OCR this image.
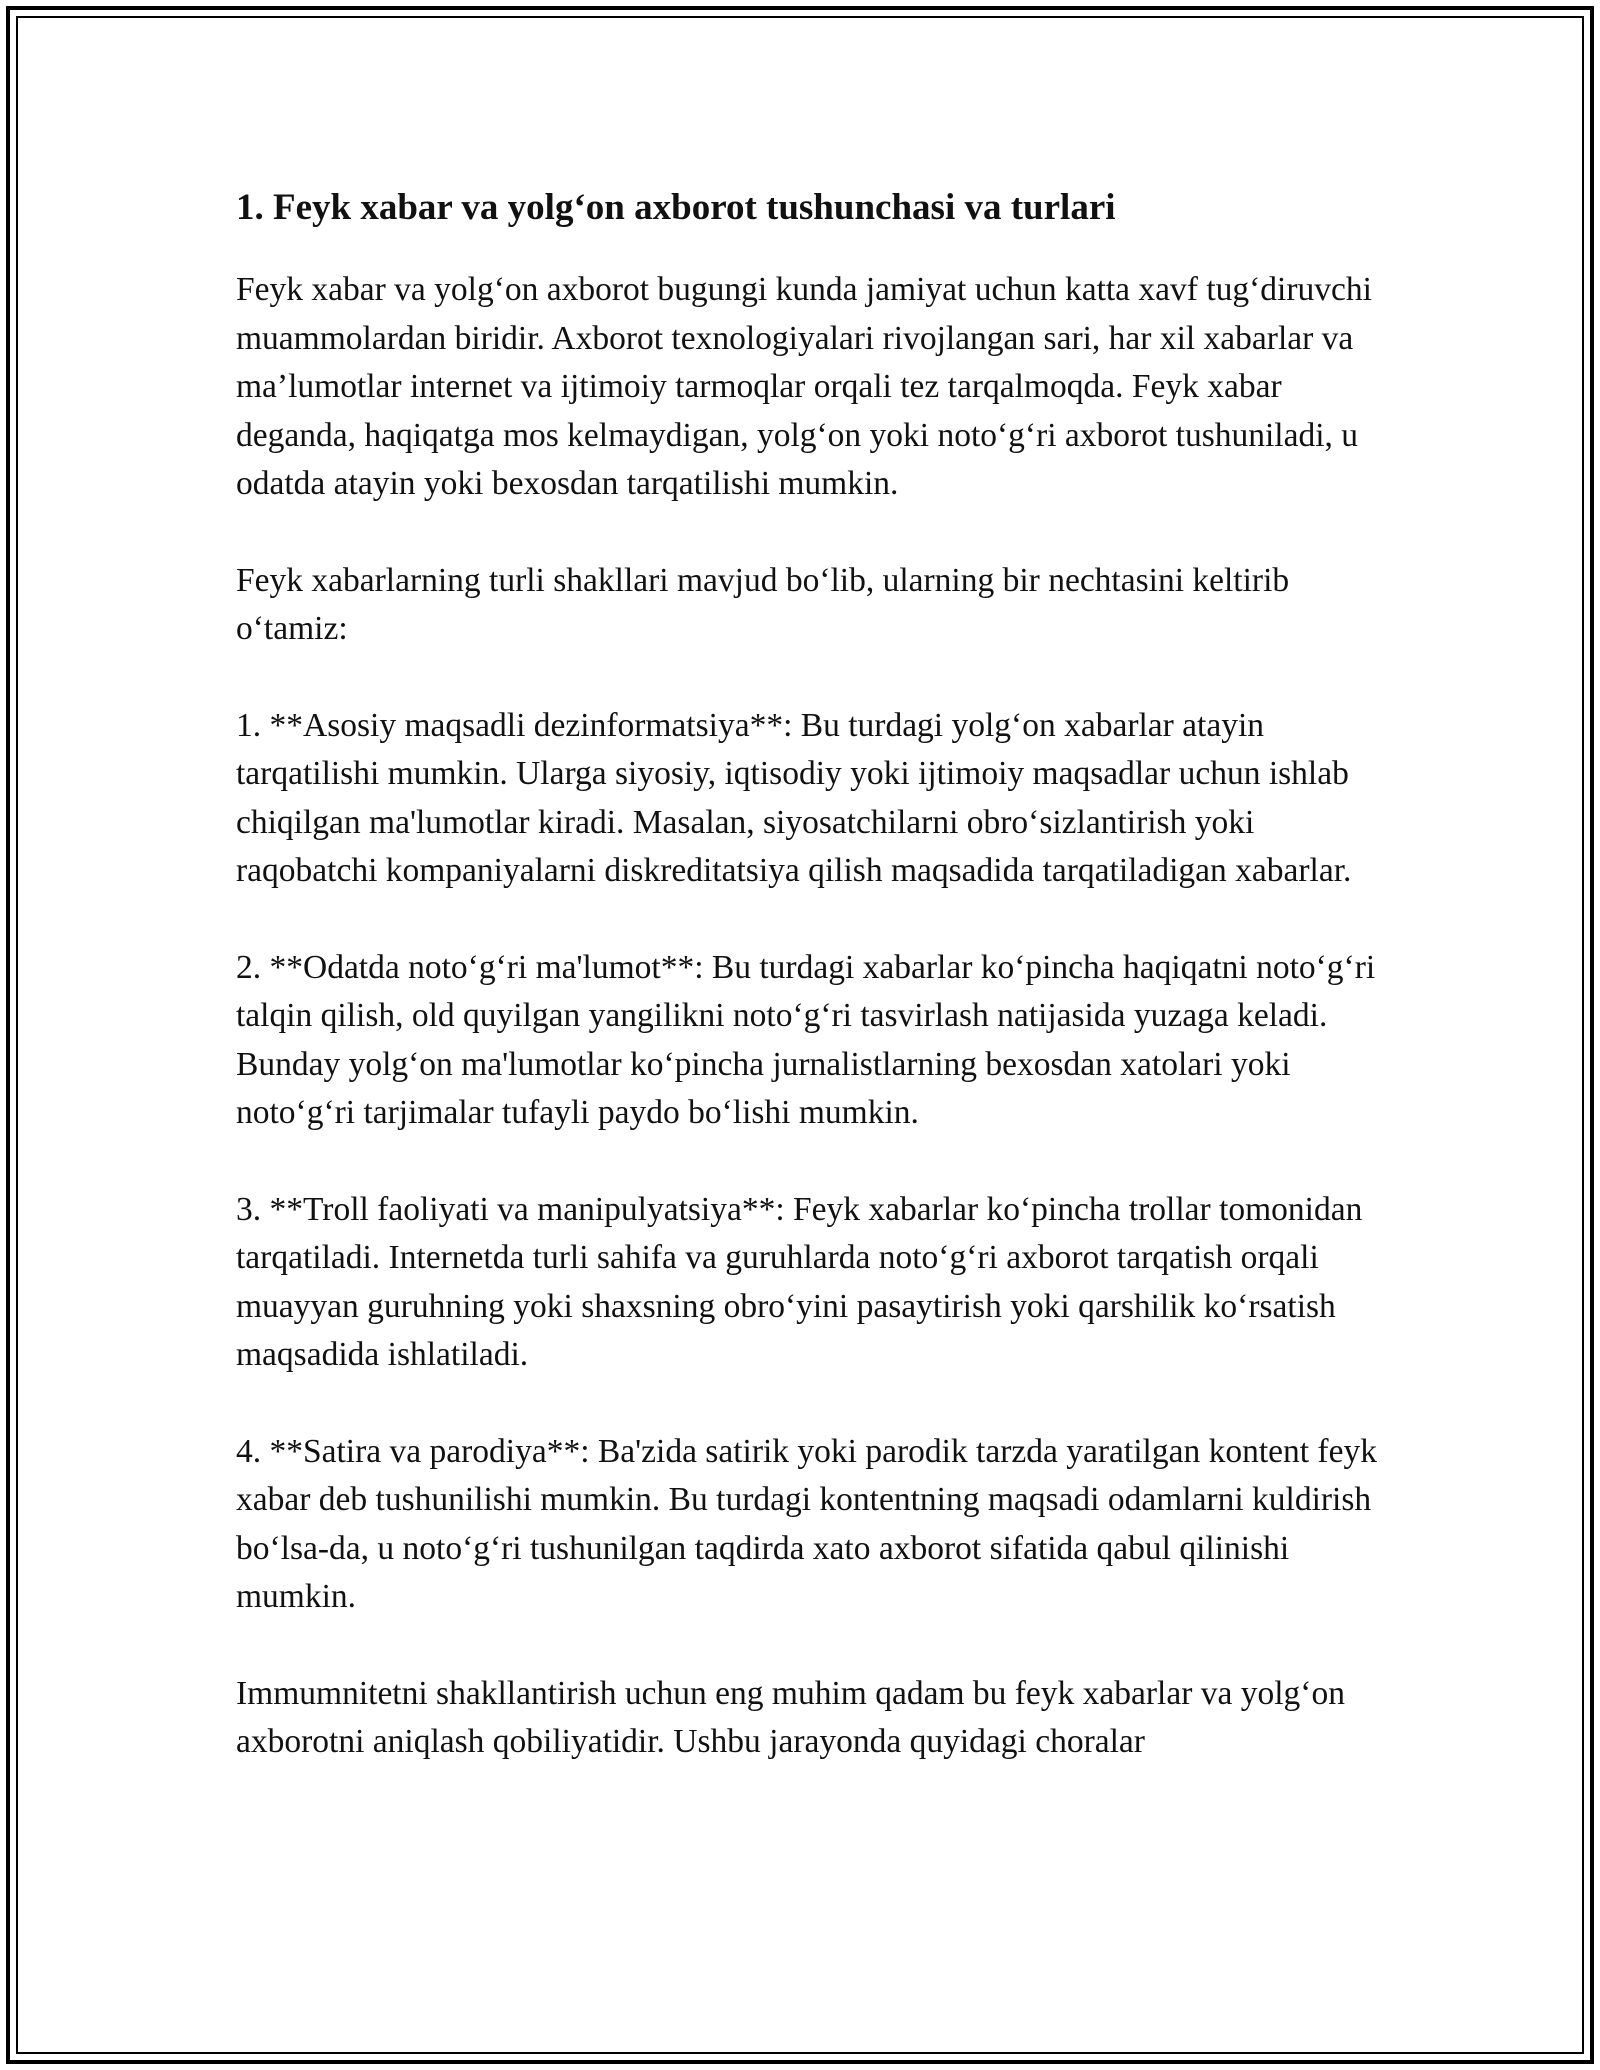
1. Feyk xabar va yolg‘on axborot tushunchasi va turlari

Feyk xabar va yolg‘on axborot bugungi kunda jamiyat uchun katta xavf tug‘diruvchi muammolardan biridir. Axborot texnologiyalari rivojlangan sari, har xil xabarlar va ma’lumotlar internet va ijtimoiy tarmoqlar orqali tez tarqalmoqda. Feyk xabar deganda, haqiqatga mos kelmaydigan, yolg‘on yoki noto‘g‘ri axborot tushuniladi, u odatda atayin yoki bexosdan tarqatilishi mumkin.

Feyk xabarlarning turli shakllari mavjud bo‘lib, ularning bir nechtasini keltirib o‘tamiz:

1. **Asosiy maqsadli dezinformatsiya**: Bu turdagi yolg‘on xabarlar atayin tarqatilishi mumkin. Ularga siyosiy, iqtisodiy yoki ijtimoiy maqsadlar uchun ishlab chiqilgan ma'lumotlar kiradi. Masalan, siyosatchilarni obro‘sizlantirish yoki raqobatchi kompaniyalarni diskreditatsiya qilish maqsadida tarqatiladigan xabarlar.

2. **Odatda noto‘g‘ri ma'lumot**: Bu turdagi xabarlar ko‘pincha haqiqatni noto‘g‘ri talqin qilish, old quyilgan yangilikni noto‘g‘ri tasvirlash natijasida yuzaga keladi. Bunday yolg‘on ma'lumotlar ko‘pincha jurnalistlarning bexosdan xatolari yoki noto‘g‘ri tarjimalar tufayli paydo bo‘lishi mumkin.

3. **Troll faoliyati va manipulyatsiya**: Feyk xabarlar ko‘pincha trollar tomonidan tarqatiladi. Internetda turli sahifa va guruhlarda noto‘g‘ri axborot tarqatish orqali muayyan guruhning yoki shaxsning obro‘yini pasaytirish yoki qarshilik ko‘rsatish maqsadida ishlatiladi.

4. **Satira va parodiya**: Ba'zida satirik yoki parodik tarzda yaratilgan kontent feyk xabar deb tushunilishi mumkin. Bu turdagi kontentning maqsadi odamlarni kuldirish bo‘lsa-da, u noto‘g‘ri tushunilgan taqdirda xato axborot sifatida qabul qilinishi mumkin.

Immumnitetni shakllantirish uchun eng muhim qadam bu feyk xabarlar va yolg‘on axborotni aniqlash qobiliyatidir. Ushbu jarayonda quyidagi choralar
